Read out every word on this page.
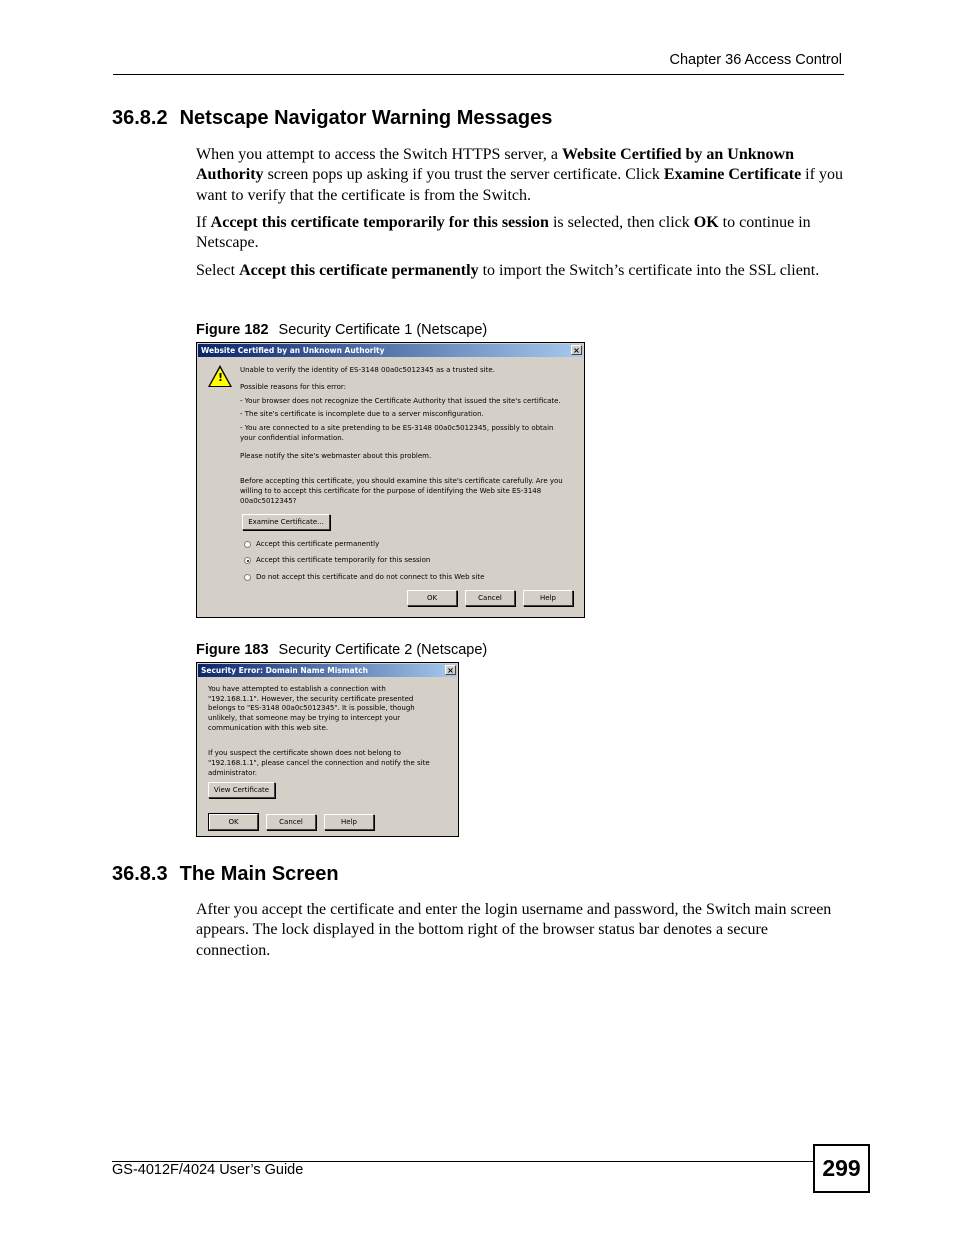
Chapter 36 Access Control
36.8.2 Netscape Navigator Warning Messages

When you attempt to access the Switch HTTPS server, a Website Certified by an Unknown Authority screen pops up asking if you trust the server certificate. Click Examine Certificate if you want to verify that the certificate is from the Switch.

If Accept this certificate temporarily for this session is selected, then click OK to continue in Netscape.

Select Accept this certificate permanently to import the Switch’s certificate into the SSL client.

Figure 182 Security Certificate 1 (Netscape)
Website Certified by an Unknown Authority	×
!
Unable to verify the identity of ES-3148 00a0c5012345 as a trusted site.
Possible reasons for this error:
- Your browser does not recognize the Certificate Authority that issued the site's certificate.
- The site's certificate is incomplete due to a server misconfiguration.
- You are connected to a site pretending to be ES-3148 00a0c5012345, possibly to obtain
your confidential information.
Please notify the site's webmaster about this problem.
Before accepting this certificate, you should examine this site's certificate carefully. Are you
willing to to accept this certificate for the purpose of identifying the Web site ES-3148
00a0c5012345?
Examine Certificate...
Accept this certificate permanently
Accept this certificate temporarily for this session
Do not accept this certificate and do not connect to this Web site
OK	Cancel	Help
Figure 183 Security Certificate 2 (Netscape)
Security Error: Domain Name Mismatch	×
You have attempted to establish a connection with
"192.168.1.1". However, the security certificate presented
belongs to "ES-3148 00a0c5012345". It is possible, though
unlikely, that someone may be trying to intercept your
communication with this web site.
If you suspect the certificate shown does not belong to
"192.168.1.1", please cancel the connection and notify the site
administrator.
View Certificate
OK	Cancel	Help
36.8.3 The Main Screen

After you accept the certificate and enter the login username and password, the Switch main screen appears. The lock displayed in the bottom right of the browser status bar denotes a secure connection.

GS-4012F/4024 User’s Guide	299
